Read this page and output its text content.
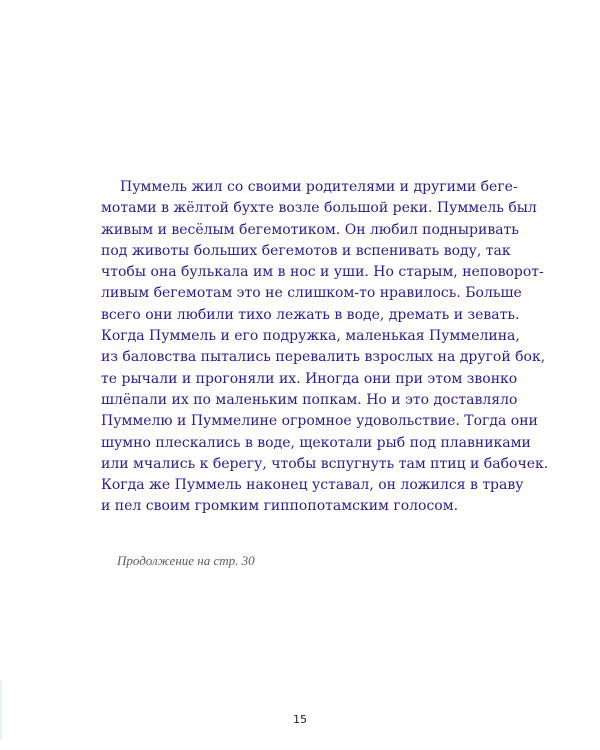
Пуммель жил со своими родителями и другими беге-
мотами в жёлтой бухте возле большой реки. Пуммель был
живым и весёлым бегемотиком. Он любил подныривать
под животы больших бегемотов и вспенивать воду, так
чтобы она булькала им в нос и уши. Но старым, неповорот-
ливым бегемотам это не слишком-то нравилось. Больше
всего они любили тихо лежать в воде, дремать и зевать.
Когда Пуммель и его подружка, маленькая Пуммелина,
из баловства пытались перевалить взрослых на другой бок,
те рычали и прогоняли их. Иногда они при этом звонко
шлёпали их по маленьким попкам. Но и это доставляло
Пуммелю и Пуммелине огромное удовольствие. Тогда они
шумно плескались в воде, щекотали рыб под плавниками
или мчались к берегу, чтобы вспугнуть там птиц и бабочек.
Когда же Пуммель наконец уставал, он ложился в траву
и пел своим громким гиппопотамским голосом.

Продолжение на стр. 30

15
